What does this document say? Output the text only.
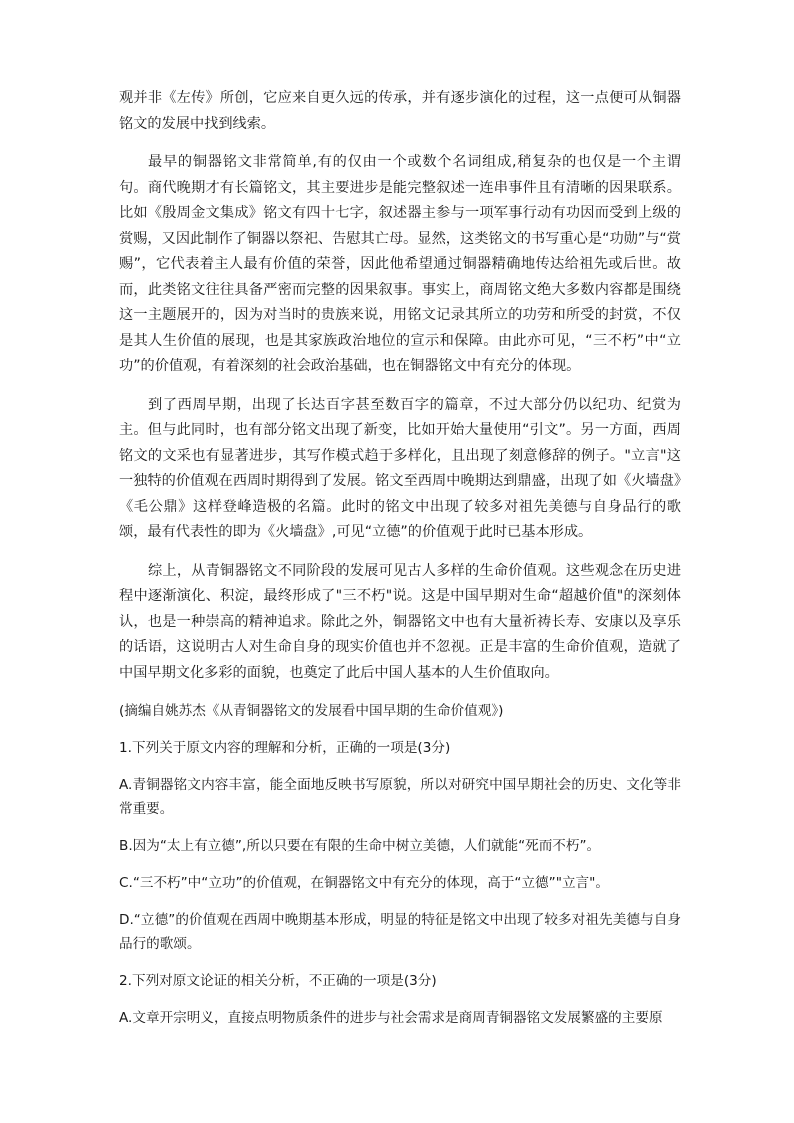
观并非《左传》所创，它应来自更久远的传承，并有逐步演化的过程，这一点便可从铜器铭文的发展中找到线索。

最早的铜器铭文非常简单,有的仅由一个或数个名词组成,稍复杂的也仅是一个主谓句。商代晚期才有长篇铭文，其主要进步是能完整叙述一连串事件且有清晰的因果联系。比如《殷周金文集成》铭文有四十七字，叙述器主参与一项军事行动有功因而受到上级的赏赐，又因此制作了铜器以祭祀、告慰其亡母。显然，这类铭文的书写重心是“功勋”与“赏赐”，它代表着主人最有价值的荣誉，因此他希望通过铜器精确地传达给祖先或后世。故而，此类铭文往往具备严密而完整的因果叙事。事实上，商周铭文绝大多数内容都是围绕这一主题展开的，因为对当时的贵族来说，用铭文记录其所立的功劳和所受的封赏，不仅是其人生价值的展现，也是其家族政治地位的宣示和保障。由此亦可见，“三不朽”中“立功”的价值观，有着深刻的社会政治基础，也在铜器铭文中有充分的体现。

到了西周早期，出现了长达百字甚至数百字的篇章，不过大部分仍以纪功、纪赏为主。但与此同时，也有部分铭文出现了新变，比如开始大量使用“引文”。另一方面，西周铭文的文采也有显著进步，其写作模式趋于多样化，且出现了刻意修辞的例子。"立言"这一独特的价值观在西周时期得到了发展。铭文至西周中晚期达到鼎盛，出现了如《火墙盘》《毛公鼎》这样登峰造极的名篇。此时的铭文中出现了较多对祖先美德与自身品行的歌颂，最有代表性的即为《火墙盘》,可见“立德”的价值观于此时已基本形成。

综上，从青铜器铭文不同阶段的发展可见古人多样的生命价值观。这些观念在历史进程中逐渐演化、积淀，最终形成了"三不朽"说。这是中国早期对生命“超越价值"的深刻体认，也是一种崇高的精神追求。除此之外，铜器铭文中也有大量祈祷长寿、安康以及享乐的话语，这说明古人对生命自身的现实价值也并不忽视。正是丰富的生命价值观，造就了中国早期文化多彩的面貌，也奠定了此后中国人基本的人生价值取向。

(摘编自姚苏杰《从青铜器铭文的发展看中国早期的生命价值观》)

1.下列关于原文内容的理解和分析，正确的一项是(3分)

A.青铜器铭文内容丰富，能全面地反映书写原貌，所以对研究中国早期社会的历史、文化等非常重要。

B.因为“太上有立德”,所以只要在有限的生命中树立美德，人们就能“死而不朽”。

C.“三不朽”中“立功”的价值观，在铜器铭文中有充分的体现，高于“立德”"立言"。

D.“立德”的价值观在西周中晚期基本形成，明显的特征是铭文中出现了较多对祖先美德与自身品行的歌颂。

2.下列对原文论证的相关分析，不正确的一项是(3分)

A.文章开宗明义，直接点明物质条件的进步与社会需求是商周青铜器铭文发展繁盛的主要原
